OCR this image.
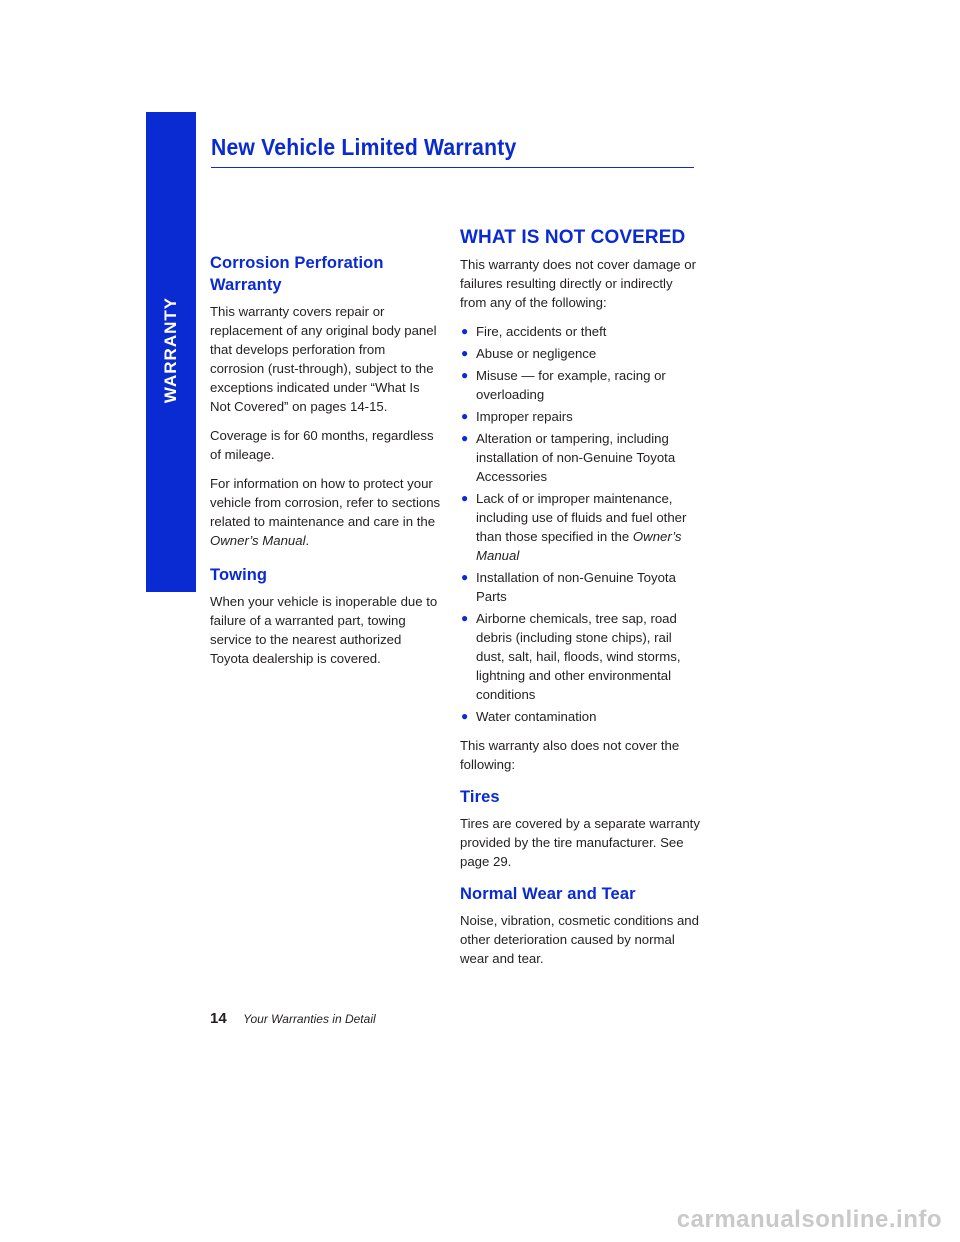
WARRANTY
New Vehicle Limited Warranty
Corrosion Perforation Warranty

This warranty covers repair or replacement of any original body panel that develops perforation from corrosion (rust-through), subject to the exceptions indicated under “What Is Not Covered” on pages 14-15.

Coverage is for 60 months, regardless of mileage.

For information on how to protect your vehicle from corrosion, refer to sections related to maintenance and care in the Owner’s Manual.

Towing

When your vehicle is inoperable due to failure of a warranted part, towing service to the nearest authorized Toyota dealership is covered.

WHAT IS NOT COVERED

This warranty does not cover damage or failures resulting directly or indirectly from any of the following:

● Fire, accidents or theft
● Abuse or negligence
● Misuse — for example, racing or overloading
● Improper repairs
● Alteration or tampering, including installation of non-Genuine Toyota Accessories
● Lack of or improper maintenance, including use of fluids and fuel other than those specified in the Owner’s Manual
● Installation of non-Genuine Toyota Parts
● Airborne chemicals, tree sap, road debris (including stone chips), rail dust, salt, hail, floods, wind storms, lightning and other environmental conditions
● Water contamination

This warranty also does not cover the following:

Tires

Tires are covered by a separate warranty provided by the tire manufacturer. See page 29.

Normal Wear and Tear

Noise, vibration, cosmetic conditions and other deterioration caused by normal wear and tear.

14 Your Warranties in Detail
carmanualsonline.info
